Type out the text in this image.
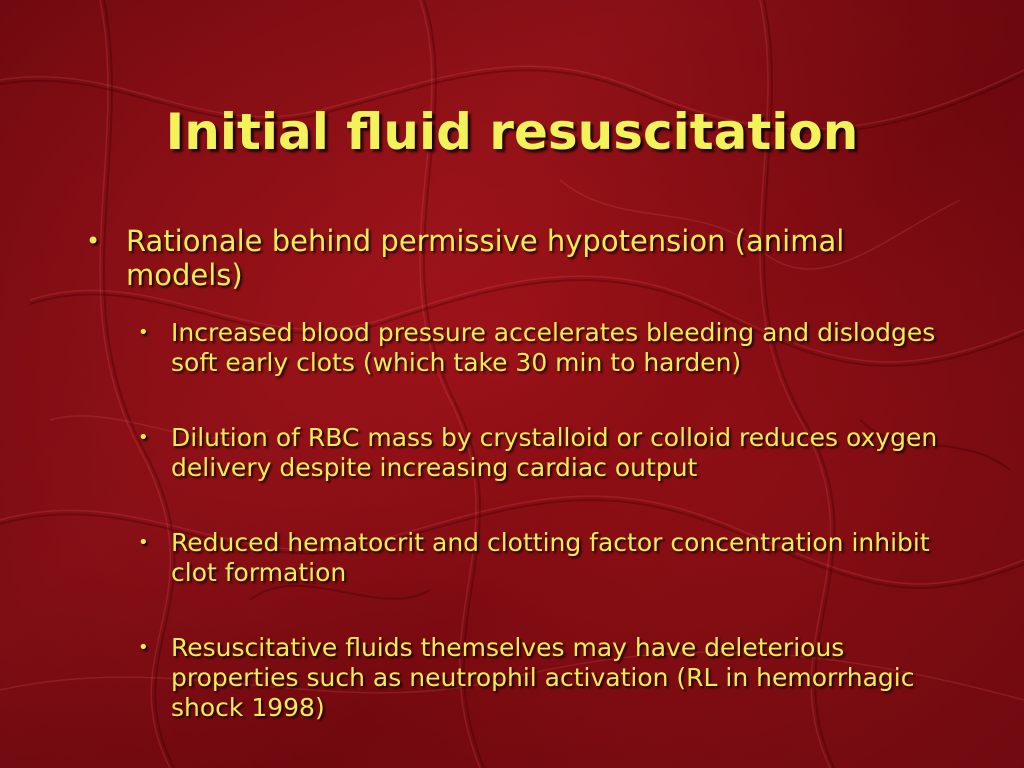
Initial fluid resuscitation
• Rationale behind permissive hypotension (animal models)
• Increased blood pressure accelerates bleeding and dislodges soft early clots (which take 30 min to harden)
• Dilution of RBC mass by crystalloid or colloid reduces oxygen delivery despite increasing cardiac output
• Reduced hematocrit and clotting factor concentration inhibit clot formation
• Resuscitative fluids themselves may have deleterious properties such as neutrophil activation (RL in hemorrhagic shock 1998)
